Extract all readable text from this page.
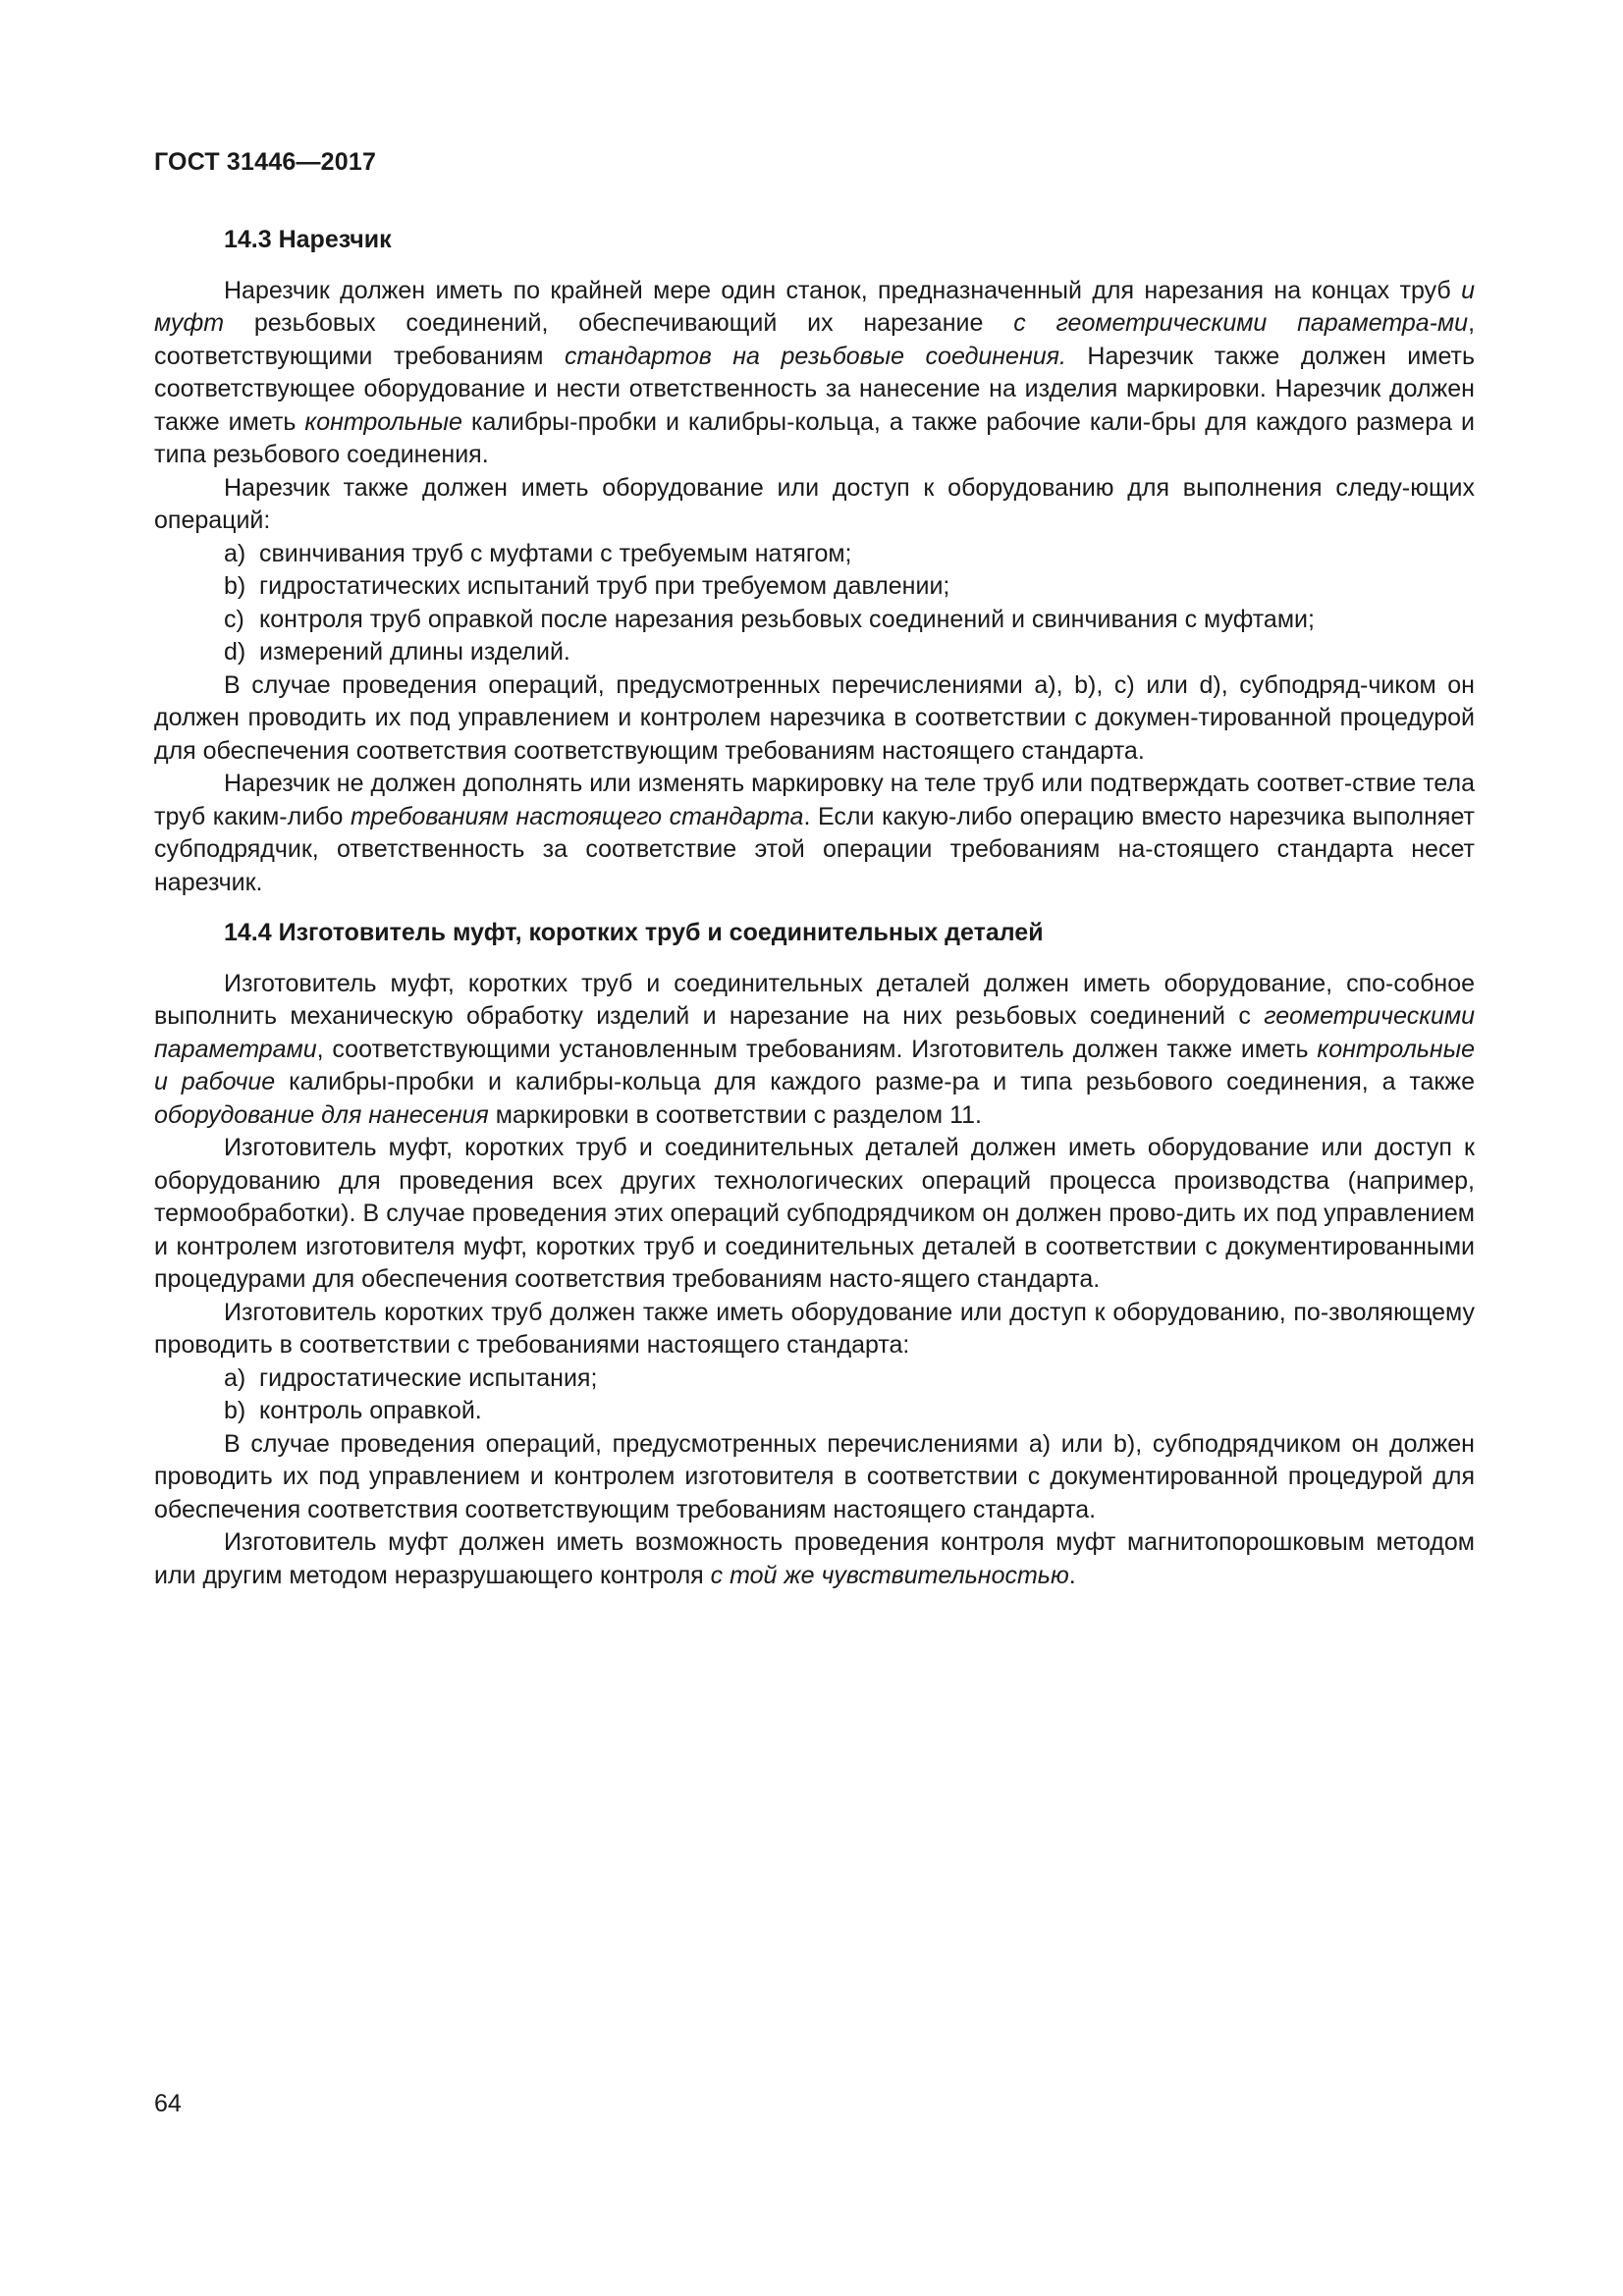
ГОСТ 31446—2017
14.3 Нарезчик

Нарезчик должен иметь по крайней мере один станок, предназначенный для нарезания на концах труб и муфт резьбовых соединений, обеспечивающий их нарезание с геометрическими параметра-ми, соответствующими требованиям стандартов на резьбовые соединения. Нарезчик также должен иметь соответствующее оборудование и нести ответственность за нанесение на изделия маркировки. Нарезчик должен также иметь контрольные калибры-пробки и калибры-кольца, а также рабочие кали-бры для каждого размера и типа резьбового соединения.

Нарезчик также должен иметь оборудование или доступ к оборудованию для выполнения следу-ющих операций:

a) свинчивания труб с муфтами с требуемым натягом;
b) гидростатических испытаний труб при требуемом давлении;
c) контроля труб оправкой после нарезания резьбовых соединений и свинчивания с муфтами;
d) измерений длины изделий.

В случае проведения операций, предусмотренных перечислениями а), b), c) или d), субподряд-чиком он должен проводить их под управлением и контролем нарезчика в соответствии с докумен-тированной процедурой для обеспечения соответствия соответствующим требованиям настоящего стандарта.

Нарезчик не должен дополнять или изменять маркировку на теле труб или подтверждать соответ-ствие тела труб каким-либо требованиям настоящего стандарта. Если какую-либо операцию вместо нарезчика выполняет субподрядчик, ответственность за соответствие этой операции требованиям на-стоящего стандарта несет нарезчик.

14.4 Изготовитель муфт, коротких труб и соединительных деталей

Изготовитель муфт, коротких труб и соединительных деталей должен иметь оборудование, спо-собное выполнить механическую обработку изделий и нарезание на них резьбовых соединений с геометрическими параметрами, соответствующими установленным требованиям. Изготовитель должен также иметь контрольные и рабочие калибры-пробки и калибры-кольца для каждого разме-ра и типа резьбового соединения, а также оборудование для нанесения маркировки в соответствии с разделом 11.

Изготовитель муфт, коротких труб и соединительных деталей должен иметь оборудование или доступ к оборудованию для проведения всех других технологических операций процесса производства (например, термообработки). В случае проведения этих операций субподрядчиком он должен прово-дить их под управлением и контролем изготовителя муфт, коротких труб и соединительных деталей в соответствии с документированными процедурами для обеспечения соответствия требованиям насто-ящего стандарта.

Изготовитель коротких труб должен также иметь оборудование или доступ к оборудованию, по-зволяющему проводить в соответствии с требованиями настоящего стандарта:

a) гидростатические испытания;
b) контроль оправкой.

В случае проведения операций, предусмотренных перечислениями а) или b), субподрядчиком он должен проводить их под управлением и контролем изготовителя в соответствии с документированной процедурой для обеспечения соответствия соответствующим требованиям настоящего стандарта.

Изготовитель муфт должен иметь возможность проведения контроля муфт магнитопорошковым методом или другим методом неразрушающего контроля с той же чувствительностью.

64
